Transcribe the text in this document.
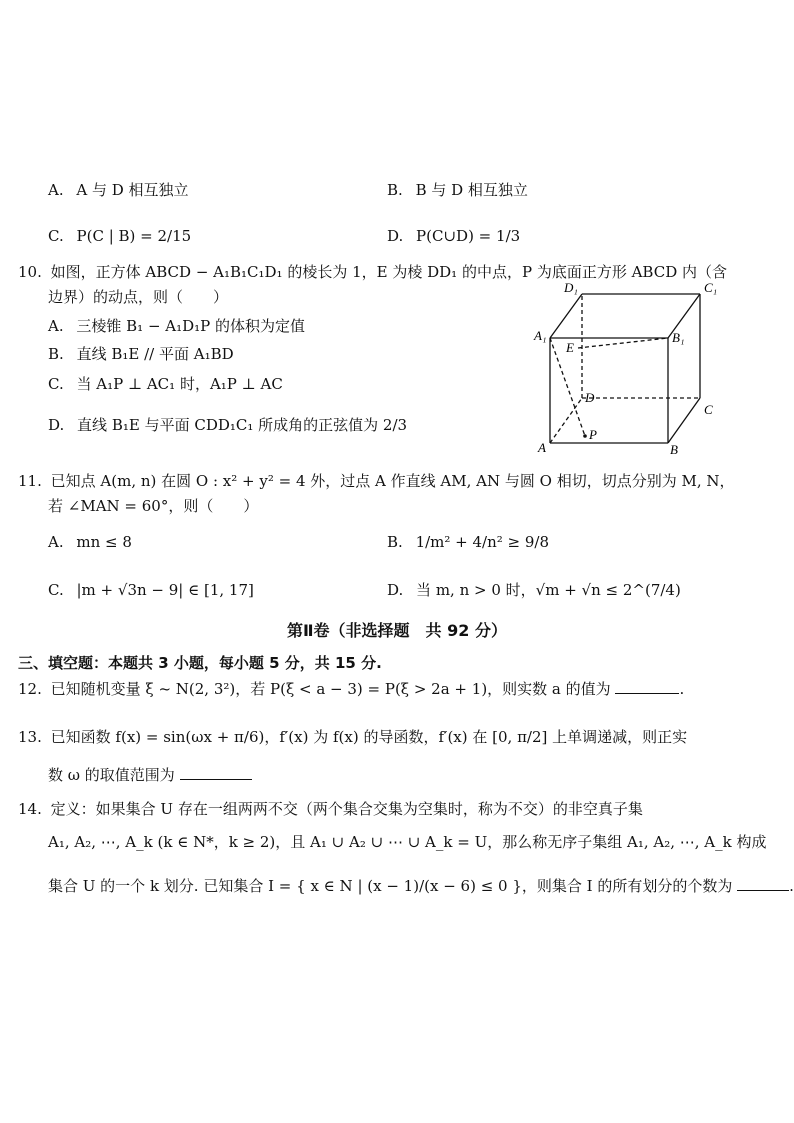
A. A 与 D 相互独立	B. B 与 D 相互独立
C. P(C | B) = 2/15	D. P(C∪D) = 1/3
10. 如图，正方体 ABCD − A₁B₁C₁D₁ 的棱长为 1，E 为棱 DD₁ 的中点，P 为底面正方形 ABCD 内（含
边界）的动点，则（　　）
A. 三棱锥 B₁ − A₁D₁P 的体积为定值
B. 直线 B₁E // 平面 A₁BD
C. 当 A₁P ⊥ AC₁ 时，A₁P ⊥ AC
D. 直线 B₁E 与平面 CDD₁C₁ 所成角的正弦值为 2/3
D₁	C₁
A₁	B₁
E
D
C
A	B
P
11. 已知点 A(m, n) 在圆 O : x² + y² = 4 外，过点 A 作直线 AM, AN 与圆 O 相切，切点分别为 M, N，
若 ∠MAN = 60°，则（　　）
A. mn ≤ 8	B. 1/m² + 4/n² ≥ 9/8
C. |m + √3n − 9| ∈ [1, 17]	D. 当 m, n > 0 时，√m + √n ≤ 2^(7/4)
第Ⅱ卷（非选择题　共 92 分）
三、填空题：本题共 3 小题，每小题 5 分，共 15 分.
12. 已知随机变量 ξ ~ N(2, 3²)，若 P(ξ < a − 3) = P(ξ > 2a + 1)，则实数 a 的值为	.
13. 已知函数 f(x) = sin(ωx + π/6)，f′(x) 为 f(x) 的导函数，f′(x) 在 [0, π/2] 上单调递减，则正实
数 ω 的取值范围为
14. 定义：如果集合 U 存在一组两两不交（两个集合交集为空集时，称为不交）的非空真子集
A₁, A₂, ⋯, A_k (k ∈ N*，k ≥ 2)，且 A₁ ∪ A₂ ∪ ⋯ ∪ A_k = U，那么称无序子集组 A₁, A₂, ⋯, A_k 构成
集合 U 的一个 k 划分. 已知集合 I = { x ∈ N | (x − 1)/(x − 6) ≤ 0 }，则集合 I 的所有划分的个数为	.
